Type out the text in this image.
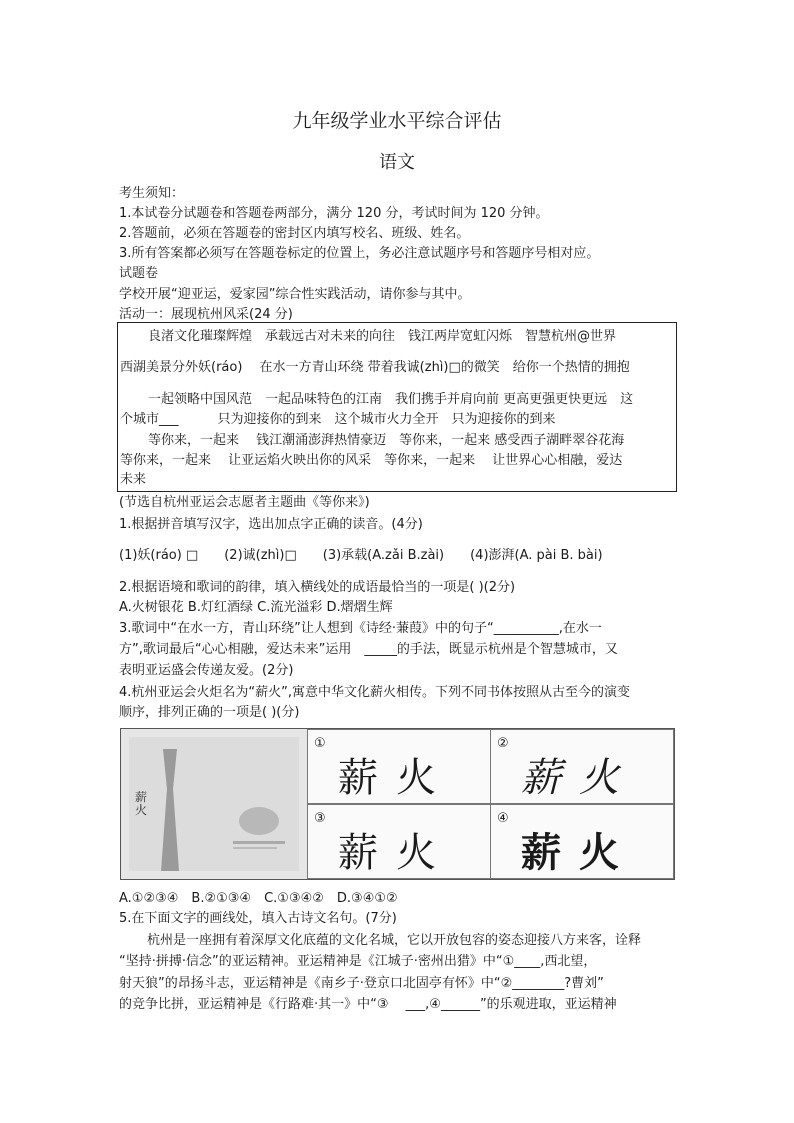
九年级学业水平综合评估
语文
考生须知：
1.本试卷分试题卷和答题卷两部分，满分 120 分，考试时间为 120 分钟。
2.答题前，必须在答题卷的密封区内填写校名、班级、姓名。
3.所有答案都必须写在答题卷标定的位置上，务必注意试题序号和答题序号相对应。
试题卷
学校开展“迎亚运，爱家园”综合性实践活动，请你参与其中。
活动一：展现杭州风采(24 分)
良渚文化璀璨辉煌　承载远古对未来的向往　钱江两岸宽虹闪烁　智慧杭州@世界
西湖美景分外妖(ráo)　 在水一方青山环绕 带着我诚(zhì)□的微笑　给你一个热情的拥抱
一起领略中国风范　一起品味特色的江南　我们携手并肩向前 更高更强更快更远　这
个城市___　　　只为迎接你的到来　这个城市火力全开　只为迎接你的到来
等你来，一起来　 钱江潮涌澎湃热情豪迈　等你来，一起来 感受西子湖畔翠谷花海
等你来，一起来　 让亚运焰火映出你的风采　等你来，一起来　 让世界心心相融，爱达
未来
(节选自杭州亚运会志愿者主题曲《等你来》)
1.根据拼音填写汉字，选出加点字正确的读音。(4分)
(1)妖(ráo) □　　(2)诚(zhì)□　　(3)承载(A.zǎi B.zài)　　(4)澎湃(A. pài B. bài)
2.根据语境和歌词的韵律，填入横线处的成语最恰当的一项是( )(2分)
A.火树银花 B.灯红酒绿 C.流光溢彩 D.熠熠生辉
3.歌词中“在水一方，青山环绕”让人想到《诗经·蒹葭》中的句子“__________,在水一
方”,歌词最后“心心相融，爱达未来”运用　_____的手法，既显示杭州是个智慧城市，又
表明亚运盛会传递友爱。(2分)
4.杭州亚运会火炬名为“薪火”,寓意中华文化薪火相传。下列不同书体按照从古至今的演变
顺序，排列正确的一项是( )(分)
薪火
①
薪火
②
薪火
③
薪火
④
薪火
A.①②③④　B.②①③④　C.①③④②　D.③④①②
5.在下面文字的画线处，填入古诗文名句。(7分)
杭州是一座拥有着深厚文化底蕴的文化名城，它以开放包容的姿态迎接八方来客，诠释
“坚持·拼搏·信念”的亚运精神。亚运精神是《江城子·密州出猎》中“①____,西北望，
射天狼”的昂扬斗志，亚运精神是《南乡子·登京口北固亭有怀》中“②________?曹刘”
的竞争比拼，亚运精神是《行路难·其一》中“③　 ___,④______”的乐观进取，亚运精神
